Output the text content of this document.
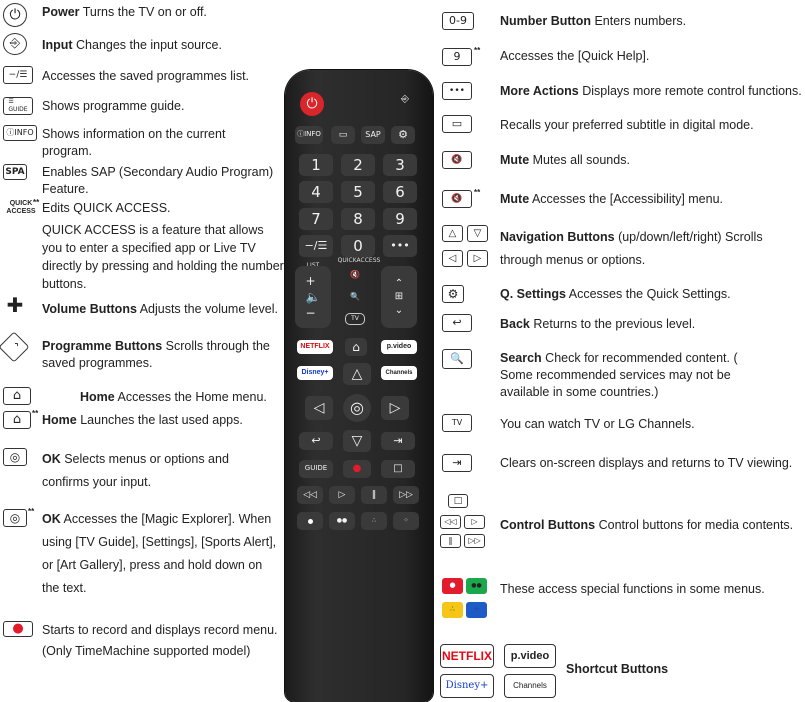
⏻	Power Turns the TV on or off.
⎆	Input Changes the input source.
−/☰	Accesses the saved programmes list.
☰
GUIDE	Shows programme guide.
ⓘINFO Shows information on the current program.
SPA Enables SAP (Secondary Audio Program) Feature.
QUICK
ACCESS
** Edits QUICK ACCESS.
QUICK ACCESS is a feature that allows you to enter a specified app or Live TV directly by pressing and holding the number buttons.
✚ Volume Buttons Adjusts the volume level.
⌃	Programme Buttons Scrolls through the saved programmes.
⌂	Home Accesses the Home menu.
⌂	** Home Launches the last used apps.
◎	OK Selects menus or options and confirms your input.
◎ **
OK Accesses the [Magic Explorer]. When using [TV Guide], [Settings], [Sports Alert], or [Art Gallery], press and hold down on the text.
●	Starts to record and displays record menu. (Only TimeMachine supported model)
⏻	⎆
ⓘINFO	▭	SAP	⚙
QUICKACCESS
+
🔈
−
🔇
🔍
TV
⌃
⊞
⌄
NETFLIX	⌂	p.video
Disney+	△	Channels
◁	◎	▷
↩	▽	⇥
GUIDE	●	□
◁◁	▷	‖	▷▷
●●	∴	⁘
1	2	3
4	5	6
7	8	9
−/☰	0	•••
0-9	Number Button Enters numbers.
9	** Accesses the [Quick Help].
•••	More Actions Displays more remote control functions.
▭	Recalls your preferred subtitle in digital mode.
🔇	Mute Mutes all sounds.
🔇
** Mute Accesses the [Accessibility] menu.
△	▽
◁	▷
Navigation Buttons (up/down/left/right) Scrolls through menus or options.
⚙	Q. Settings Accesses the Quick Settings.
↩	Back Returns to the previous level.
🔍	Search Check for recommended content. ( Some recommended services may not be available in some countries.)
TV	You can watch TV or LG Channels.
⇥	Clears on-screen displays and returns to TV viewing.
□
◁◁	▷
‖	▷▷
Control Buttons Control buttons for media contents.
●	●●
∴	⁘
These access special functions in some menus.
NETFLIX	p.video
Disney+	Channels
Shortcut Buttons
